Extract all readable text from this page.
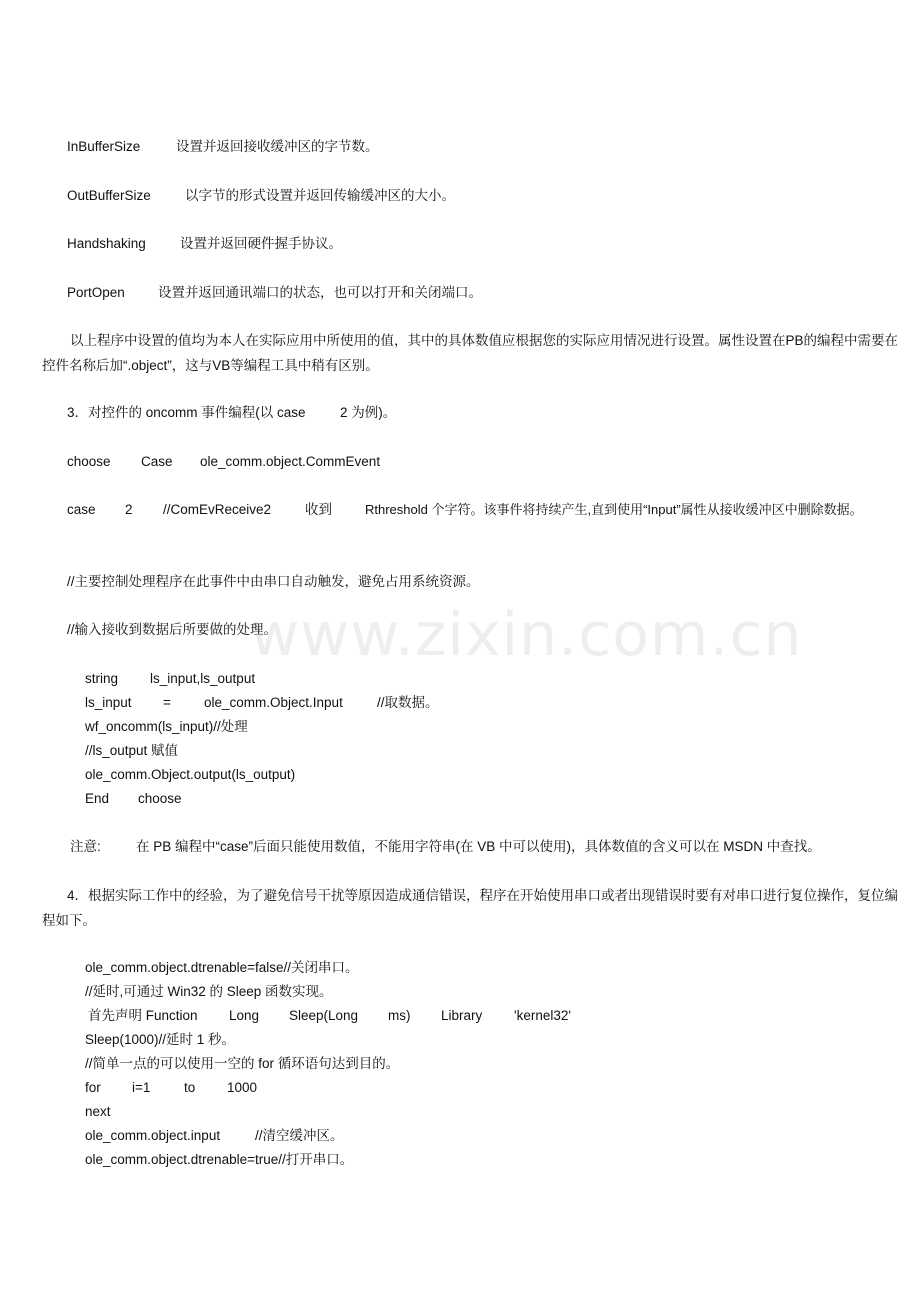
www.zixin.com.cn
InBufferSize	设置并返回接收缓冲区的字节数。
OutBufferSize	以字节的形式设置并返回传输缓冲区的大小。
Handshaking	设置并返回硬件握手协议。
PortOpen 设置并返回通讯端口的状态，也可以打开和关闭端口。
以上程序中设置的值均为本人在实际应用中所使用的值，其中的具体数值应根据您的实际应用情况进行设置。属性设置在PB的编程中需要在控件名称后加“.object”，这与VB等编程工具中稍有区别。
3．对控件的 oncomm 事件编程(以 case	2 为例)。
choose Case ole_comm.object.CommEvent
case 2 //ComEvReceive2	收到	Rthreshold 个字符。该事件将持续产生,直到使用“Input”属性从接收缓冲区中删除数据。
//主要控制处理程序在此事件中由串口自动触发，避免占用系统资源。
//输入接收到数据后所要做的处理。
string ls_input,ls_output
ls_input = ole_comm.Object.Input	//取数据。
wf_oncomm(ls_input)//处理
//ls_output 赋值
ole_comm.Object.output(ls_output)
End choose
注意:	在 PB 编程中“case”后面只能使用数值，不能用字符串(在 VB 中可以使用)，具体数值的含义可以在 MSDN 中查找。
4．根据实际工作中的经验，为了避免信号干扰等原因造成通信错误，程序在开始使用串口或者出现错误时要有对串口进行复位操作，复位编程如下。
ole_comm.object.dtrenable=false//关闭串口。
//延时,可通过 Win32 的 Sleep 函数实现。
首先声明 Function Long Sleep(Long ms) Library 'kernel32'
Sleep(1000)//延时 1 秒。
//简单一点的可以使用一空的 for 循环语句达到目的。
for i=1 to 1000
next
ole_comm.object.input	//清空缓冲区。
ole_comm.object.dtrenable=true//打开串口。
